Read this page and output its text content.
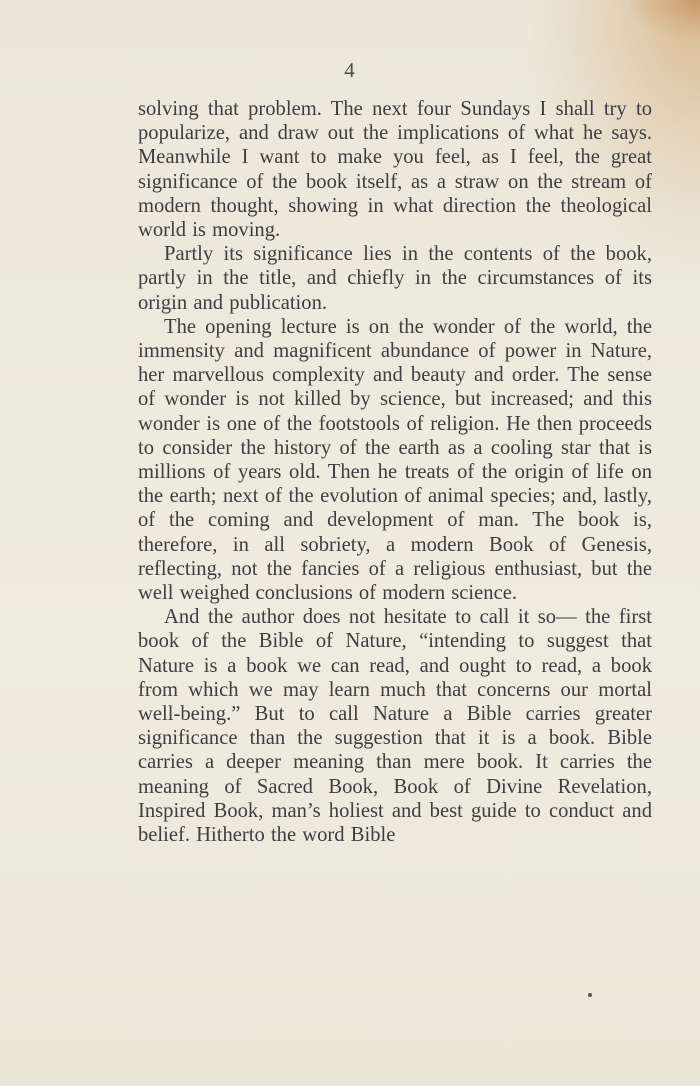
4

solving that problem. The next four Sundays I shall try to popularize, and draw out the implications of what he says. Meanwhile I want to make you feel, as I feel, the great significance of the book itself, as a straw on the stream of modern thought, showing in what direction the theological world is moving.

Partly its significance lies in the contents of the book, partly in the title, and chiefly in the circumstances of its origin and publication.

The opening lecture is on the wonder of the world, the immensity and magnificent abundance of power in Nature, her marvellous complexity and beauty and order. The sense of wonder is not killed by science, but increased; and this wonder is one of the footstools of religion. He then proceeds to consider the history of the earth as a cooling star that is millions of years old. Then he treats of the origin of life on the earth; next of the evolution of animal species; and, lastly, of the coming and development of man. The book is, therefore, in all sobriety, a modern Book of Genesis, reflecting, not the fancies of a religious enthusiast, but the well weighed conclusions of modern science.

And the author does not hesitate to call it so— the first book of the Bible of Nature, “intending to suggest that Nature is a book we can read, and ought to read, a book from which we may learn much that concerns our mortal well-being.” But to call Nature a Bible carries greater significance than the suggestion that it is a book. Bible carries a deeper meaning than mere book. It carries the meaning of Sacred Book, Book of Divine Revelation, Inspired Book, man’s holiest and best guide to conduct and belief. Hitherto the word Bible
